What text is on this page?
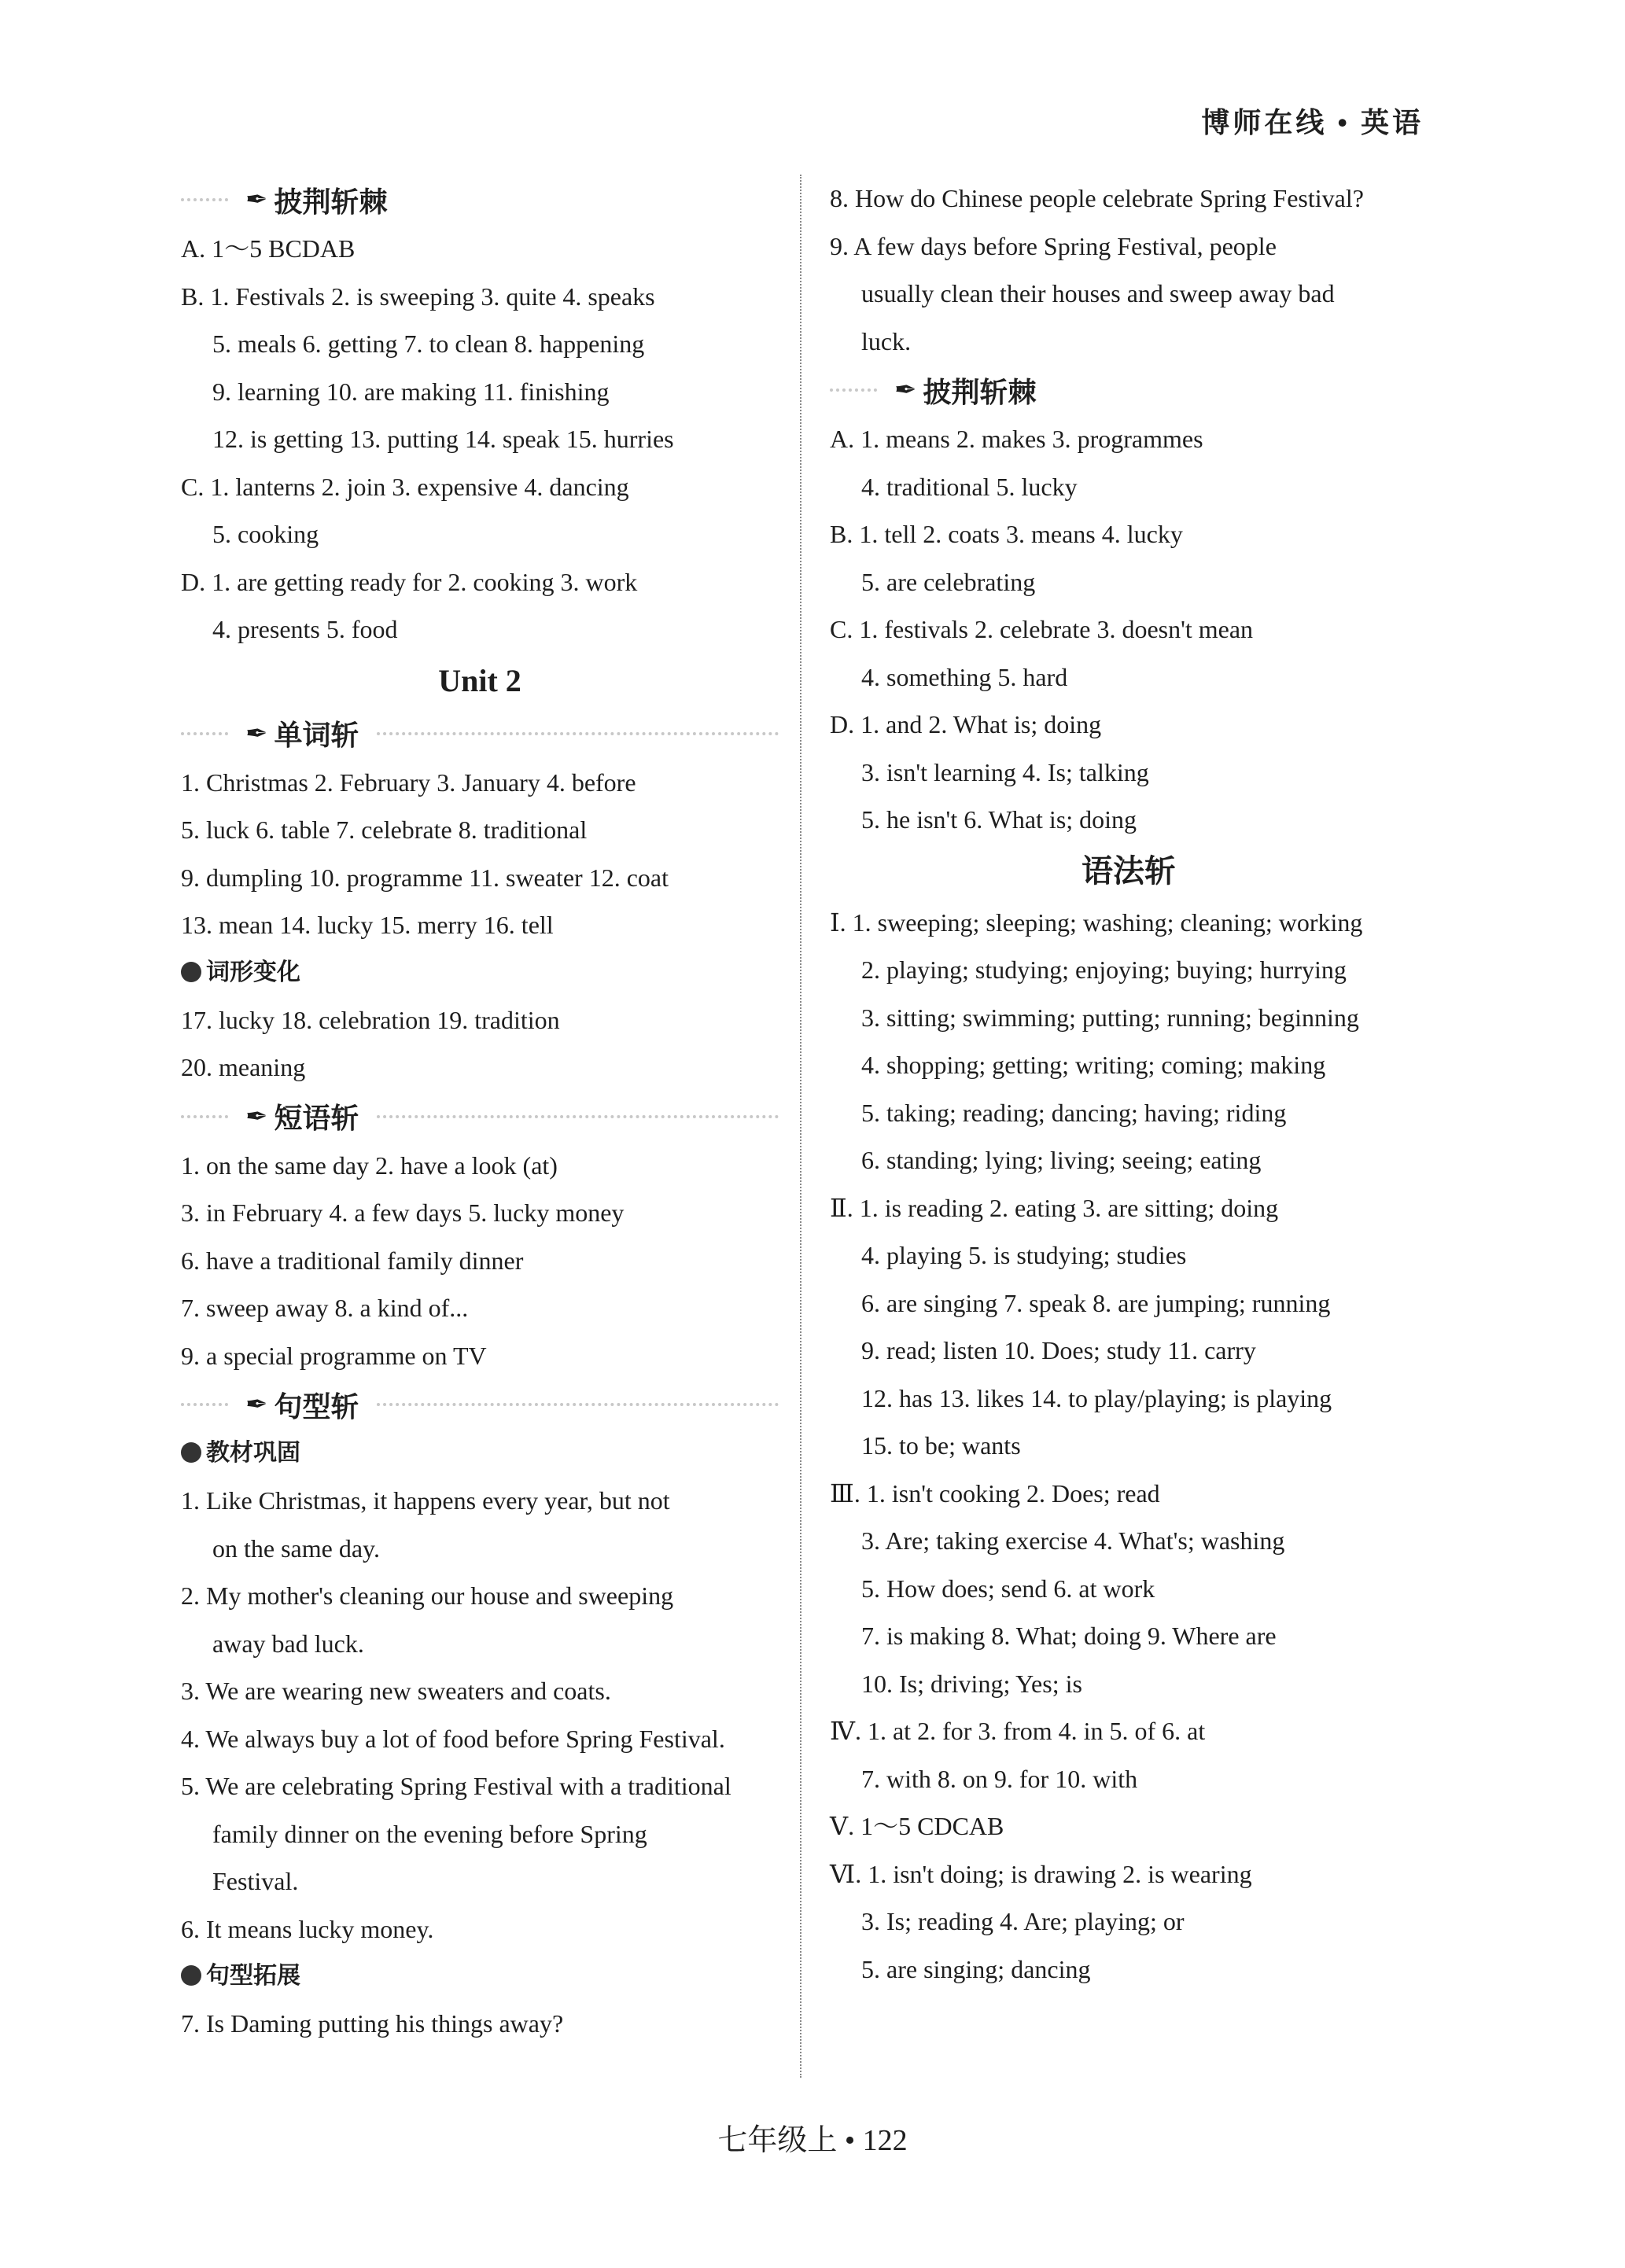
博师在线 • 英语
✒ 披荆斩棘
A. 1～5 BCDAB
B. 1. Festivals 2. is sweeping 3. quite 4. speaks
5. meals 6. getting 7. to clean 8. happening
9. learning 10. are making 11. finishing
12. is getting 13. putting 14. speak 15. hurries
C. 1. lanterns 2. join 3. expensive 4. dancing
5. cooking
D. 1. are getting ready for 2. cooking 3. work
4. presents 5. food
Unit 2
✒ 单词斩
1. Christmas 2. February 3. January 4. before
5. luck 6. table 7. celebrate 8. traditional
9. dumpling 10. programme 11. sweater 12. coat
13. mean 14. lucky 15. merry 16. tell
词形变化
17. lucky 18. celebration 19. tradition
20. meaning
✒ 短语斩
1. on the same day 2. have a look (at)
3. in February 4. a few days 5. lucky money
6. have a traditional family dinner
7. sweep away 8. a kind of...
9. a special programme on TV
✒ 句型斩
教材巩固
1. Like Christmas, it happens every year, but not
on the same day.
2. My mother's cleaning our house and sweeping
away bad luck.
3. We are wearing new sweaters and coats.
4. We always buy a lot of food before Spring Festival.
5. We are celebrating Spring Festival with a traditional
family dinner on the evening before Spring
Festival.
6. It means lucky money.
句型拓展
7. Is Daming putting his things away?
8. How do Chinese people celebrate Spring Festival?
9. A few days before Spring Festival, people
usually clean their houses and sweep away bad
luck.
✒ 披荆斩棘
A. 1. means 2. makes 3. programmes
4. traditional 5. lucky
B. 1. tell 2. coats 3. means 4. lucky
5. are celebrating
C. 1. festivals 2. celebrate 3. doesn't mean
4. something 5. hard
D. 1. and 2. What is; doing
3. isn't learning 4. Is; talking
5. he isn't 6. What is; doing
语法斩
Ⅰ. 1. sweeping; sleeping; washing; cleaning; working
2. playing; studying; enjoying; buying; hurrying
3. sitting; swimming; putting; running; beginning
4. shopping; getting; writing; coming; making
5. taking; reading; dancing; having; riding
6. standing; lying; living; seeing; eating
Ⅱ. 1. is reading 2. eating 3. are sitting; doing
4. playing 5. is studying; studies
6. are singing 7. speak 8. are jumping; running
9. read; listen 10. Does; study 11. carry
12. has 13. likes 14. to play/playing; is playing
15. to be; wants
Ⅲ. 1. isn't cooking 2. Does; read
3. Are; taking exercise 4. What's; washing
5. How does; send 6. at work
7. is making 8. What; doing 9. Where are
10. Is; driving; Yes; is
Ⅳ. 1. at 2. for 3. from 4. in 5. of 6. at
7. with 8. on 9. for 10. with
Ⅴ. 1～5 CDCAB
Ⅵ. 1. isn't doing; is drawing 2. is wearing
3. Is; reading 4. Are; playing; or
5. are singing; dancing
七年级上 • 122
